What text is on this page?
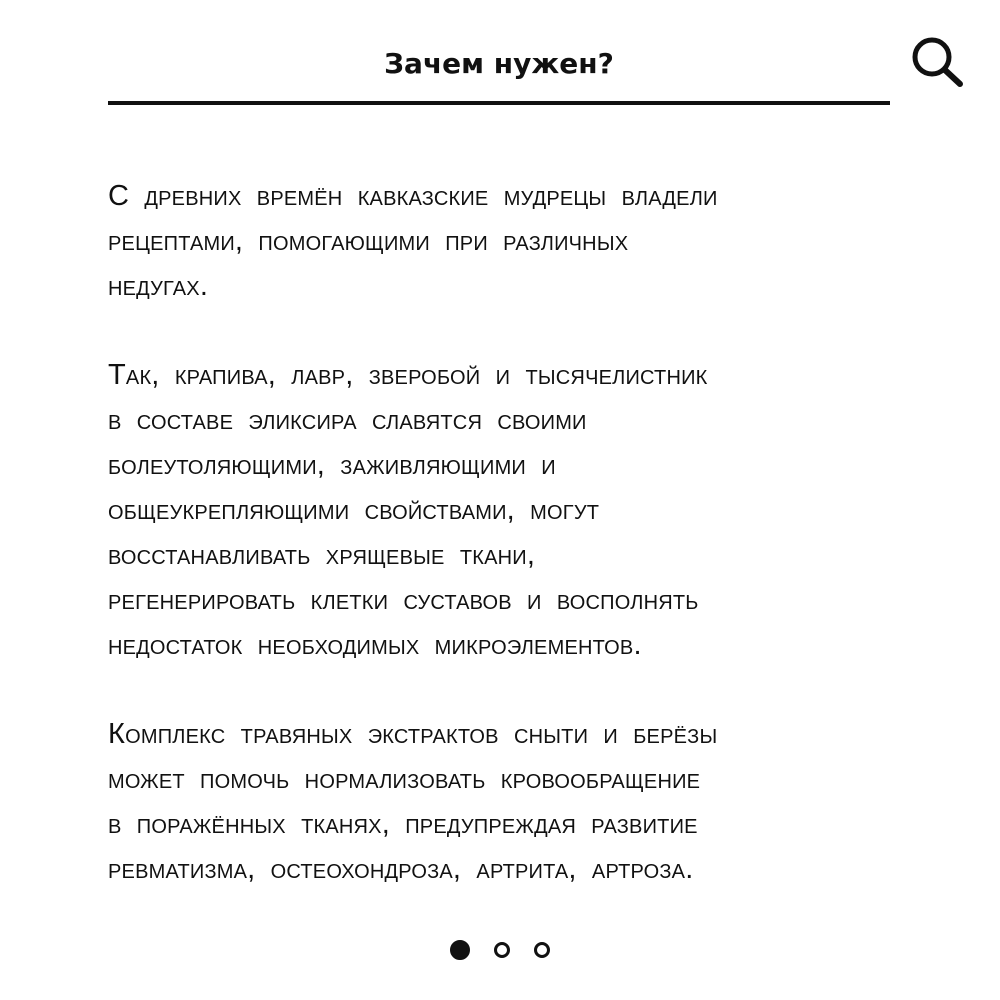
Зачем нужен?

С древних времён кавказские мудрецы владели
рецептами, помогающими при различных
недугах.

Так, крапива, лавр, зверобой и тысячелистник
в составе эликсира славятся своими
болеутоляющими, заживляющими и
общеукрепляющими свойствами, могут
восстанавливать хрящевые ткани,
регенерировать клетки суставов и восполнять
недостаток необходимых микроэлементов.

Комплекс травяных экстрактов сныти и берёзы
может помочь нормализовать кровообращение
в поражённых тканях, предупреждая развитие
ревматизма, остеохондроза, артрита, артроза.
